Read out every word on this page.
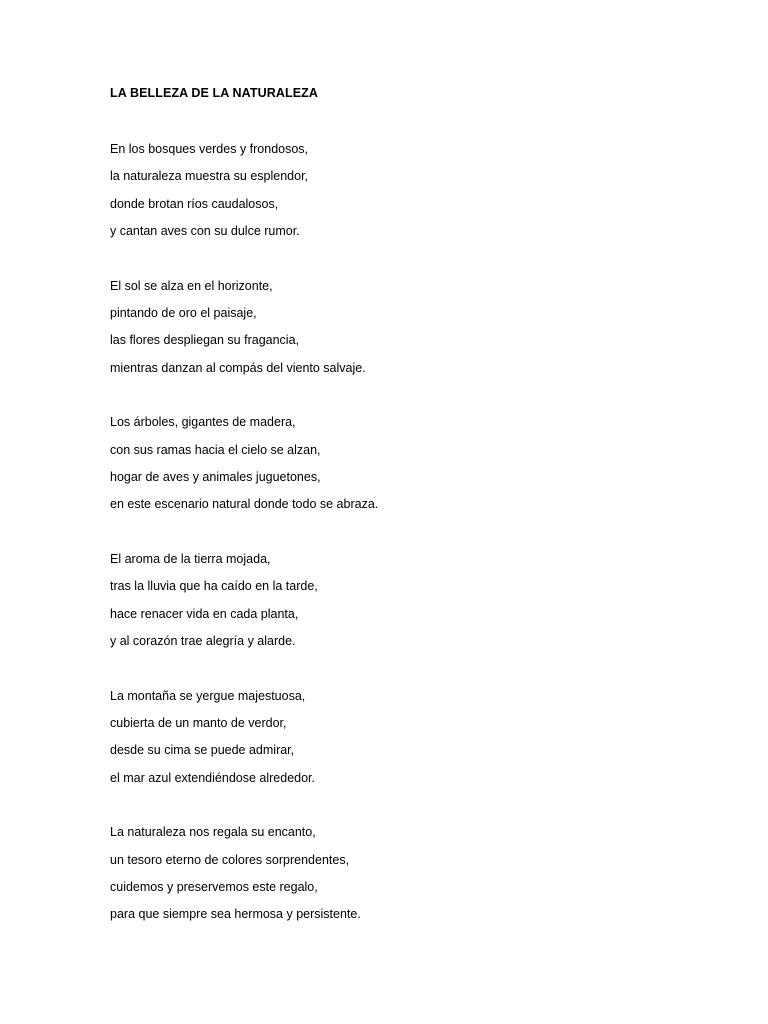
LA BELLEZA DE LA NATURALEZA
En los bosques verdes y frondosos,
la naturaleza muestra su esplendor,
donde brotan ríos caudalosos,
y cantan aves con su dulce rumor.
El sol se alza en el horizonte,
pintando de oro el paisaje,
las flores despliegan su fragancia,
mientras danzan al compás del viento salvaje.
Los árboles, gigantes de madera,
con sus ramas hacia el cielo se alzan,
hogar de aves y animales juguetones,
en este escenario natural donde todo se abraza.
El aroma de la tierra mojada,
tras la lluvia que ha caído en la tarde,
hace renacer vida en cada planta,
y al corazón trae alegría y alarde.
La montaña se yergue majestuosa,
cubierta de un manto de verdor,
desde su cima se puede admirar,
el mar azul extendiéndose alrededor.
La naturaleza nos regala su encanto,
un tesoro eterno de colores sorprendentes,
cuidemos y preservemos este regalo,
para que siempre sea hermosa y persistente.
